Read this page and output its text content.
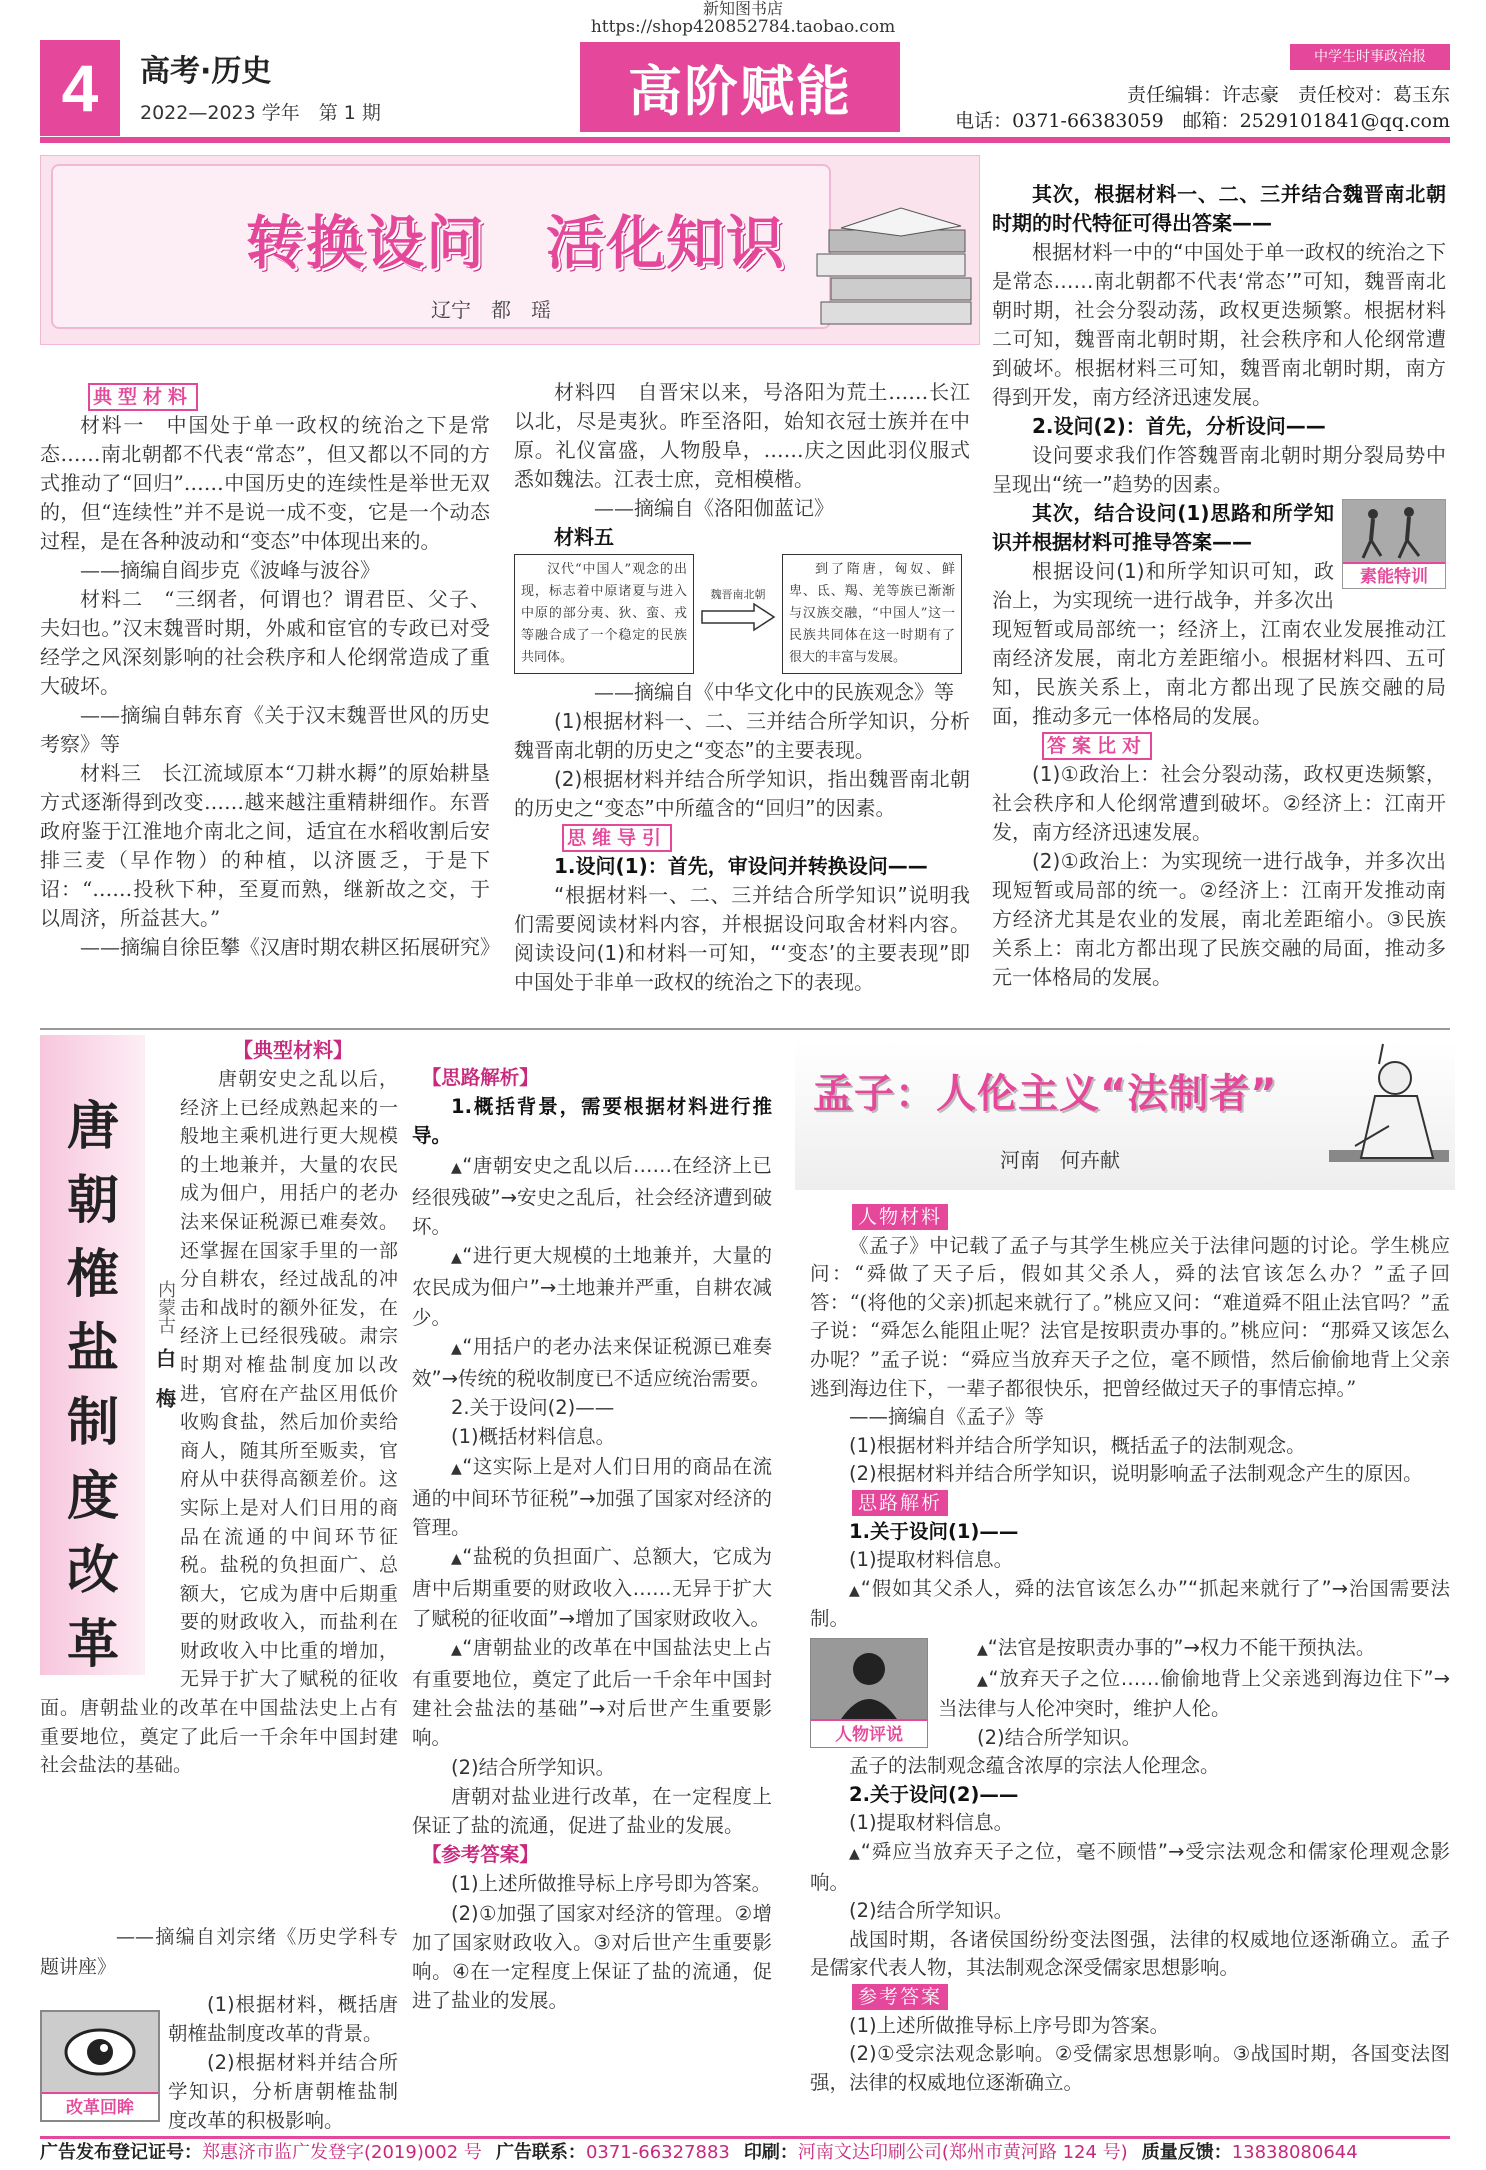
新知图书店
https://shop420852784.taobao.com
4 高考·历史
2022—2023 学年　第 1 期	高阶赋能
中学生时事政治报
责任编辑：许志豪　责任校对：葛玉东
电话：0371-66383059　邮箱：2529101841@qq.com
转换设问　活化知识
辽宁　都　瑶
典型材料

材料一　中国处于单一政权的统治之下是常态……南北朝都不代表“常态”，但又都以不同的方式推动了“回归”……中国历史的连续性是举世无双的，但“连续性”并不是说一成不变，它是一个动态过程，是在各种波动和“变态”中体现出来的。

——摘编自阎步克《波峰与波谷》

材料二　“三纲者，何谓也？谓君臣、父子、夫妇也。”汉末魏晋时期，外戚和宦官的专政已对受经学之风深刻影响的社会秩序和人伦纲常造成了重大破坏。

——摘编自韩东育《关于汉末魏晋世风的历史考察》等

材料三　长江流域原本“刀耕水耨”的原始耕垦方式逐渐得到改变……越来越注重精耕细作。东晋政府鉴于江淮地介南北之间，适宜在水稻收割后安排三麦（早作物）的种植，以济匮乏，于是下诏：“……投秋下种，至夏而熟，继新故之交，于以周济，所益甚大。”

——摘编自徐臣攀《汉唐时期农耕区拓展研究》

材料四　自晋宋以来，号洛阳为荒土……长江以北，尽是夷狄。昨至洛阳，始知衣冠士族并在中原。礼仪富盛，人物殷阜，……庆之因此羽仪服式悉如魏法。江表士庶，竞相模楷。

——摘编自《洛阳伽蓝记》

材料五

汉代“中国人”观念的出现，标志着中原诸夏与进入中原的部分夷、狄、蛮、戎等融合成了一个稳定的民族共同体。
魏晋南北朝
到了隋唐，匈奴、鲜卑、氐、羯、羌等族已渐渐与汉族交融，“中国人”这一民族共同体在这一时期有了很大的丰富与发展。

——摘编自《中华文化中的民族观念》等

(1)根据材料一、二、三并结合所学知识，分析魏晋南北朝的历史之“变态”的主要表现。

(2)根据材料并结合所学知识，指出魏晋南北朝的历史之“变态”中所蕴含的“回归”的因素。

思维导引

1.设问(1)：首先，审设问并转换设问——

“根据材料一、二、三并结合所学知识”说明我们需要阅读材料内容，并根据设问取舍材料内容。阅读设问(1)和材料一可知，“‘变态’的主要表现”即中国处于非单一政权的统治之下的表现。

其次，根据材料一、二、三并结合魏晋南北朝时期的时代特征可得出答案——

根据材料一中的“中国处于单一政权的统治之下是常态……南北朝都不代表‘常态’”可知，魏晋南北朝时期，社会分裂动荡，政权更迭频繁。根据材料二可知，魏晋南北朝时期，社会秩序和人伦纲常遭到破坏。根据材料三可知，魏晋南北朝时期，南方得到开发，南方经济迅速发展。

2.设问(2)：首先，分析设问——

设问要求我们作答魏晋南北朝时期分裂局势中呈现出“统一”趋势的因素。

素能特训

其次，结合设问(1)思路和所学知识并根据材料可推导答案——

根据设问(1)和所学知识可知，政治上，为实现统一进行战争，并多次出现短暂或局部统一；经济上，江南农业发展推动江南经济发展，南北方差距缩小。根据材料四、五可知，民族关系上，南北方都出现了民族交融的局面，推动多元一体格局的发展。

答案比对

(1)①政治上：社会分裂动荡，政权更迭频繁，社会秩序和人伦纲常遭到破坏。②经济上：江南开发，南方经济迅速发展。

(2)①政治上：为实现统一进行战争，并多次出现短暂或局部的统一。②经济上：江南开发推动南方经济尤其是农业的发展，南北差距缩小。③民族关系上：南北方都出现了民族交融的局面，推动多元一体格局的发展。

唐
朝
榷
盐
制
度
改
革
内蒙古
白　梅
【典型材料】

唐朝安史之乱以后，经济上已经成熟起来的一般地主乘机进行更大规模的土地兼并，大量的农民成为佃户，用括户的老办法来保证税源已难奏效。还掌握在国家手里的一部分自耕农，经过战乱的冲击和战时的额外征发，在经济上已经很残破。肃宗时期对榷盐制度加以改进，官府在产盐区用低价收购食盐，然后加价卖给商人，随其所至贩卖，官府从中获得高额差价。这实际上是对人们日用的商品在流通的中间环节征税。盐税的负担面广、总额大，它成为唐中后期重要的财政收入，而盐利在财政收入中比重的增加，无异于扩大了赋税的征收面。唐朝盐业的改革在中国盐法史上占有重要地位，奠定了此后一千余年中国封建社会盐法的基础。

改革回眸

【思路解析】

1.概括背景，需要根据材料进行推导。

▲“唐朝安史之乱以后……在经济上已经很残破”→安史之乱后，社会经济遭到破坏。

▲“进行更大规模的土地兼并，大量的农民成为佃户”→土地兼并严重，自耕农减少。

▲“用括户的老办法来保证税源已难奏效”→传统的税收制度已不适应统治需要。

2.关于设问(2)——

(1)概括材料信息。

▲“这实际上是对人们日用的商品在流通的中间环节征税”→加强了国家对经济的管理。

▲“盐税的负担面广、总额大，它成为唐中后期重要的财政收入……无异于扩大了赋税的征收面”→增加了国家财政收入。

▲“唐朝盐业的改革在中国盐法史上占有重要地位，奠定了此后一千余年中国封建社会盐法的基础”→对后世产生重要影响。

(2)结合所学知识。

唐朝对盐业进行改革，在一定程度上保证了盐的流通，促进了盐业的发展。

【参考答案】

(1)上述所做推导标上序号即为答案。

(2)①加强了国家对经济的管理。②增加了国家财政收入。③对后世产生重要影响。④在一定程度上保证了盐的流通，促进了盐业的发展。

孟子：人伦主义“法制者”
河南　何卉献
人物材料

《孟子》中记载了孟子与其学生桃应关于法律问题的讨论。学生桃应问：“舜做了天子后，假如其父杀人，舜的法官该怎么办？”孟子回答：“(将他的父亲)抓起来就行了。”桃应又问：“难道舜不阻止法官吗？”孟子说：“舜怎么能阻止呢？法官是按职责办事的。”桃应问：“那舜又该怎么办呢？”孟子说：“舜应当放弃天子之位，毫不顾惜，然后偷偷地背上父亲逃到海边住下，一辈子都很快乐，把曾经做过天子的事情忘掉。”

——摘编自《孟子》等

(1)根据材料并结合所学知识，概括孟子的法制观念。

(2)根据材料并结合所学知识，说明影响孟子法制观念产生的原因。

思路解析

1.关于设问(1)——

(1)提取材料信息。

▲“假如其父杀人，舜的法官该怎么办”“抓起来就行了”→治国需要法制。

人物评说

▲“法官是按职责办事的”→权力不能干预执法。

▲“放弃天子之位……偷偷地背上父亲逃到海边住下”→当法律与人伦冲突时，维护人伦。

(2)结合所学知识。

孟子的法制观念蕴含浓厚的宗法人伦理念。

2.关于设问(2)——

(1)提取材料信息。

▲“舜应当放弃天子之位，毫不顾惜”→受宗法观念和儒家伦理观念影响。

(2)结合所学知识。

战国时期，各诸侯国纷纷变法图强，法律的权威地位逐渐确立。孟子是儒家代表人物，其法制观念深受儒家思想影响。

参考答案

(1)上述所做推导标上序号即为答案。

(2)①受宗法观念影响。②受儒家思想影响。③战国时期，各国变法图强，法律的权威地位逐渐确立。

广告发布登记证号：郑惠济市监广发登字(2019)002 号 广告联系：0371-66327883 印刷：河南文达印刷公司(郑州市黄河路 124 号) 质量反馈：13838080644

(1)根据材料，概括唐朝榷盐制度改革的背景。

(2)根据材料并结合所学知识，分析唐朝榷盐制度改革的积极影响。

——摘编自刘宗绪《历史学科专题讲座》
